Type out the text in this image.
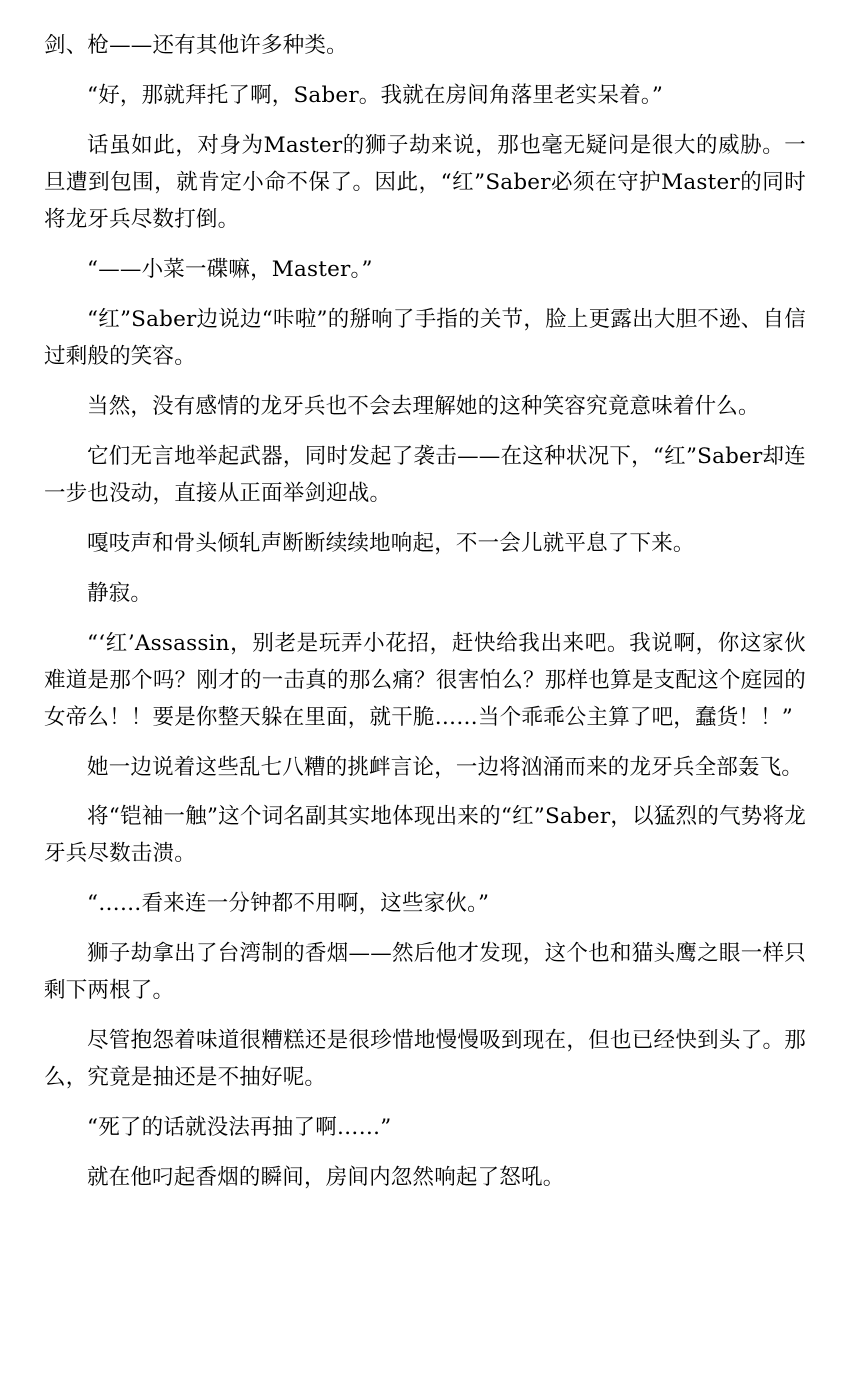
剑、枪——还有其他许多种类。

“好，那就拜托了啊，Saber。我就在房间角落里老实呆着。”

话虽如此，对身为Master的狮子劫来说，那也毫无疑问是很大的威胁。一旦遭到包围，就肯定小命不保了。因此，“红”Saber必须在守护Master的同时将龙牙兵尽数打倒。

“——小菜一碟嘛，Master。”

“红”Saber边说边“咔啦”的掰响了手指的关节，脸上更露出大胆不逊、自信过剩般的笑容。

当然，没有感情的龙牙兵也不会去理解她的这种笑容究竟意味着什么。

它们无言地举起武器，同时发起了袭击——在这种状况下，“红”Saber却连一步也没动，直接从正面举剑迎战。

嘎吱声和骨头倾轧声断断续续地响起，不一会儿就平息了下来。

静寂。

“‘红’Assassin，别老是玩弄小花招，赶快给我出来吧。我说啊，你这家伙难道是那个吗？刚才的一击真的那么痛？很害怕么？那样也算是支配这个庭园的女帝么！！要是你整天躲在里面，就干脆……当个乖乖公主算了吧，蠢货！！”

她一边说着这些乱七八糟的挑衅言论，一边将汹涌而来的龙牙兵全部轰飞。

将“铠袖一触”这个词名副其实地体现出来的“红”Saber，以猛烈的气势将龙牙兵尽数击溃。

“……看来连一分钟都不用啊，这些家伙。”

狮子劫拿出了台湾制的香烟——然后他才发现，这个也和猫头鹰之眼一样只剩下两根了。

尽管抱怨着味道很糟糕还是很珍惜地慢慢吸到现在，但也已经快到头了。那么，究竟是抽还是不抽好呢。

“死了的话就没法再抽了啊……”

就在他叼起香烟的瞬间，房间内忽然响起了怒吼。
